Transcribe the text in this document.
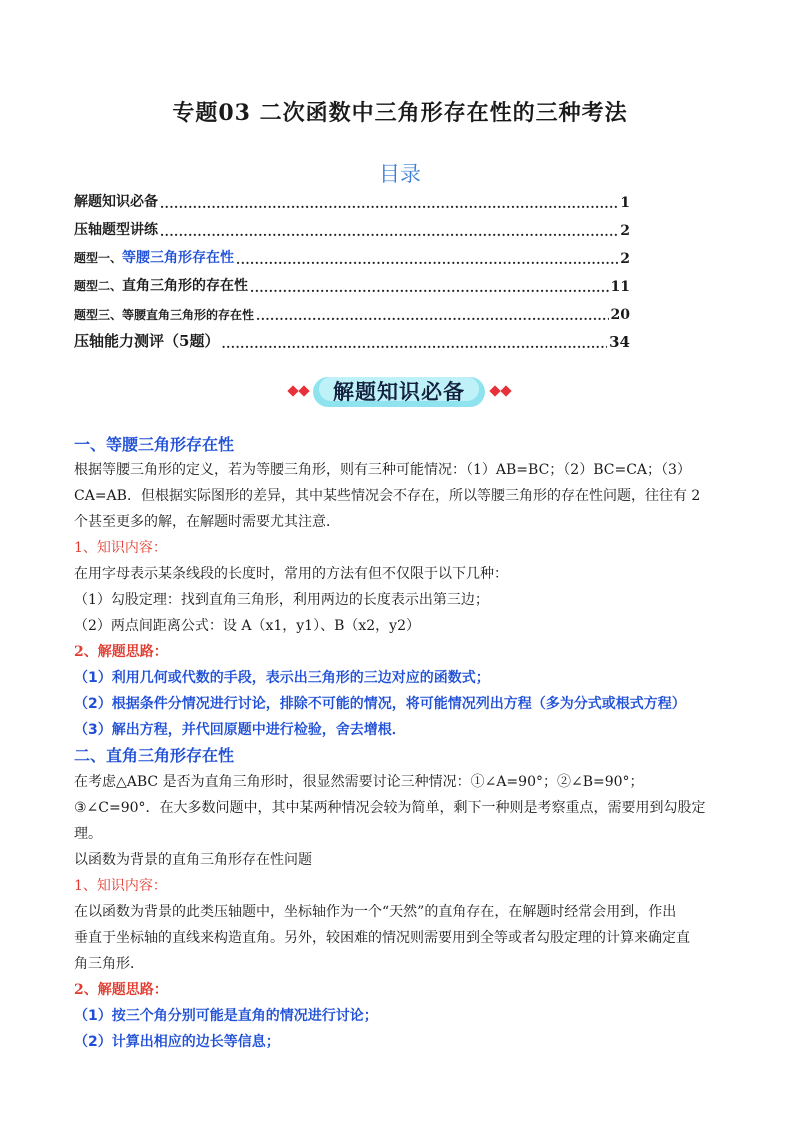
专题03 二次函数中三角形存在性的三种考法
目录
解题知识必备 .....	1
压轴题型讲练 .....	2
题型一、等腰三角形存在性 .....	2
题型二、直角三角形的存在性 .....	11
题型三、等腰直角三角形的存在性 .....	20
压轴能力测评（5题） .....	34
解题知识必备
一、等腰三角形存在性
根据等腰三角形的定义，若为等腰三角形，则有三种可能情况：（1）AB=BC；（2）BC=CA；（3）
CA=AB．但根据实际图形的差异，其中某些情况会不存在，所以等腰三角形的存在性问题，往往有 2
个甚至更多的解，在解题时需要尤其注意．
1、知识内容：
在用字母表示某条线段的长度时，常用的方法有但不仅限于以下几种：
（1）勾股定理：找到直角三角形，利用两边的长度表示出第三边；
（2）两点间距离公式：设 A（x1，y1）、B（x2，y2）
2、解题思路：
（1）利用几何或代数的手段，表示出三角形的三边对应的函数式；
（2）根据条件分情况进行讨论，排除不可能的情况，将可能情况列出方程（多为分式或根式方程）
（3）解出方程，并代回原题中进行检验，舍去增根．
二、直角三角形存在性
在考虑△ABC 是否为直角三角形时，很显然需要讨论三种情况：①∠A=90°；②∠B=90°；
③∠C=90°．在大多数问题中，其中某两种情况会较为简单，剩下一种则是考察重点，需要用到勾股定
理。
以函数为背景的直角三角形存在性问题
1、知识内容：
在以函数为背景的此类压轴题中，坐标轴作为一个“天然”的直角存在，在解题时经常会用到，作出
垂直于坐标轴的直线来构造直角。另外，较困难的情况则需要用到全等或者勾股定理的计算来确定直
角三角形．
2、解题思路：
（1）按三个角分别可能是直角的情况进行讨论；
（2）计算出相应的边长等信息；
